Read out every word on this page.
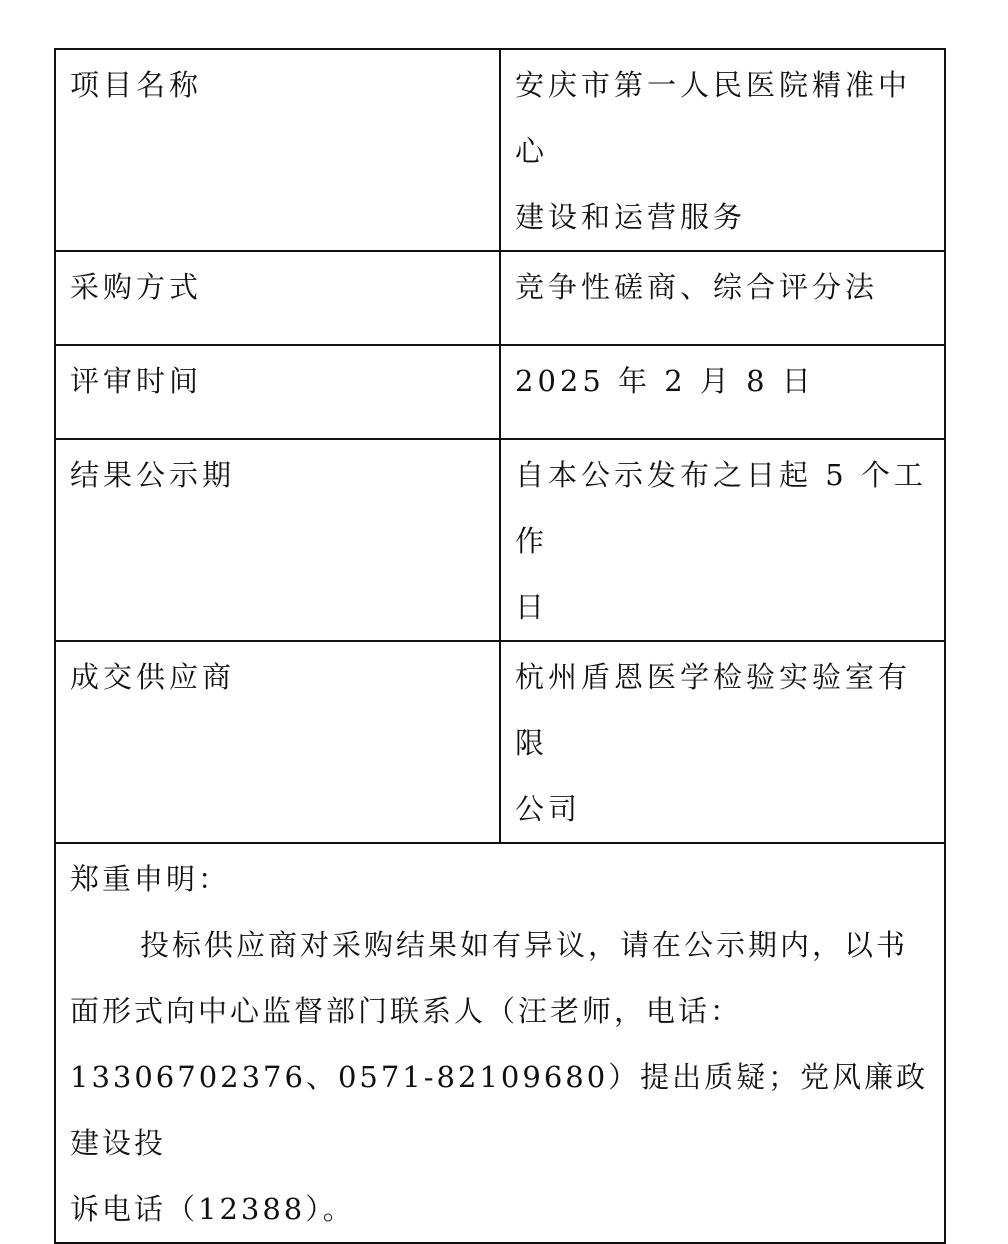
项目名称	安庆市第一人民医院精准中心
建设和运营服务

采购方式	竞争性磋商、综合评分法

评审时间	2025 年 2 月 8 日

结果公示期	自本公示发布之日起 5 个工作
日

成交供应商	杭州盾恩医学检验实验室有限
公司

郑重申明：
投标供应商对采购结果如有异议，请在公示期内，以书
面形式向中心监督部门联系人（汪老师，电话：
13306702376、0571-82109680）提出质疑；党风廉政建设投
诉电话（12388）。	
